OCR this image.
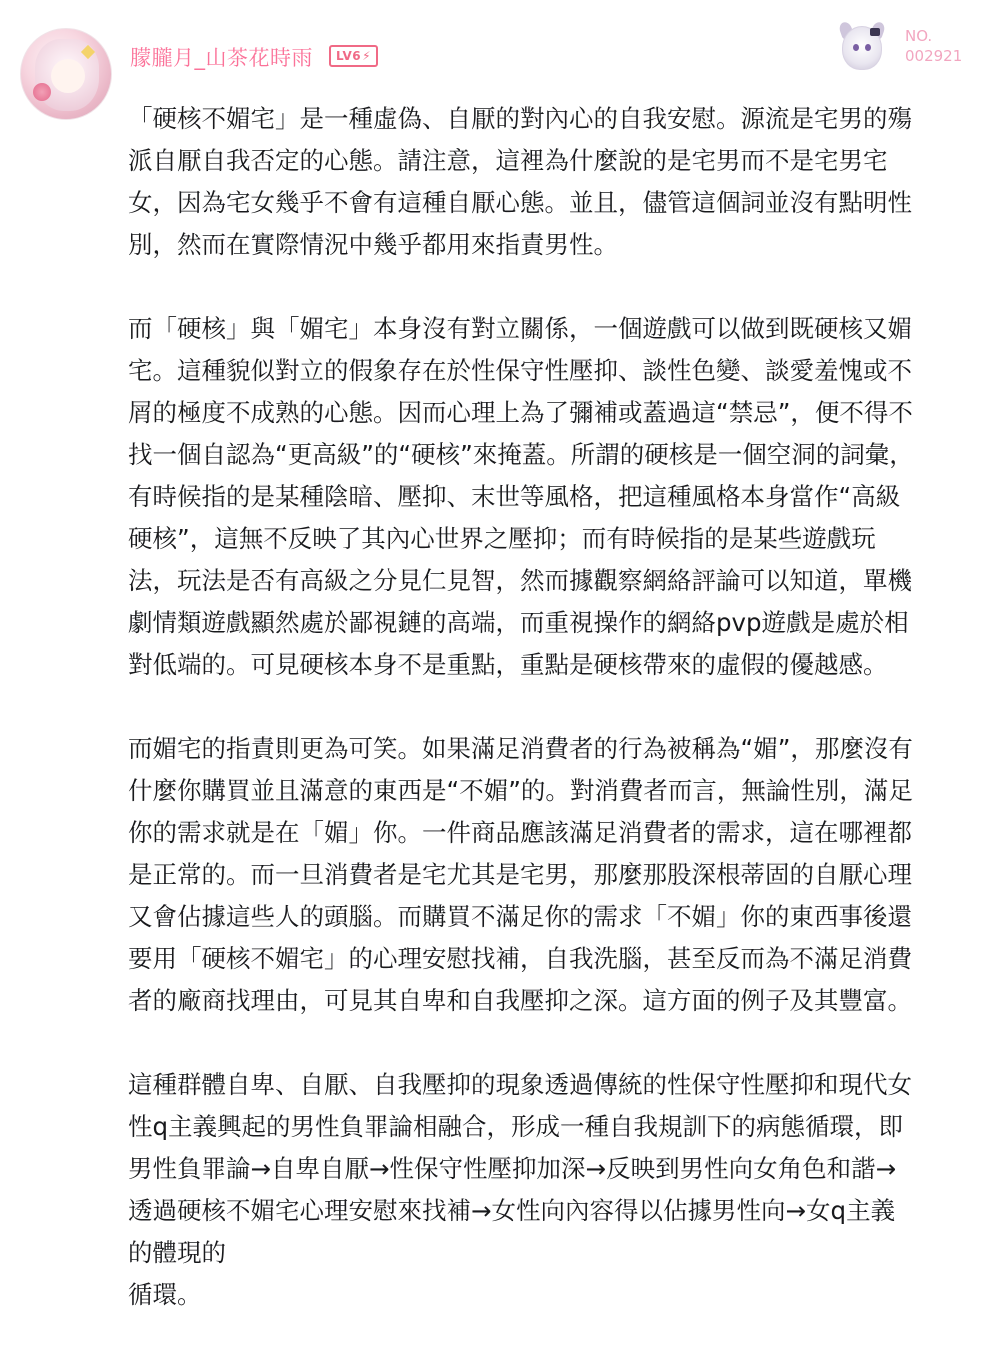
朦朧月_山茶花時雨	LV6⚡
NO.
002921

「硬核不媚宅」是一種虛偽、自厭的對內心的自我安慰。源流是宅男的殤
派自厭自我否定的心態。請注意，這裡為什麼說的是宅男而不是宅男宅
女，因為宅女幾乎不會有這種自厭心態。並且，儘管這個詞並沒有點明性
別，然而在實際情況中幾乎都用來指責男性。

而「硬核」與「媚宅」本身沒有對立關係，一個遊戲可以做到既硬核又媚
宅。這種貌似對立的假象存在於性保守性壓抑、談性色變、談愛羞愧或不
屑的極度不成熟的心態。因而心理上為了彌補或蓋過這“禁忌”，便不得不
找一個自認為“更高級”的“硬核”來掩蓋。所謂的硬核是一個空洞的詞彙，
有時候指的是某種陰暗、壓抑、末世等風格，把這種風格本身當作“高級
硬核”，這無不反映了其內心世界之壓抑；而有時候指的是某些遊戲玩
法，玩法是否有高級之分見仁見智，然而據觀察網絡評論可以知道，單機
劇情類遊戲顯然處於鄙視鏈的高端，而重視操作的網絡pvp遊戲是處於相
對低端的。可見硬核本身不是重點，重點是硬核帶來的虛假的優越感。

而媚宅的指責則更為可笑。如果滿足消費者的行為被稱為“媚”，那麼沒有
什麼你購買並且滿意的東西是“不媚”的。對消費者而言，無論性別，滿足
你的需求就是在「媚」你。一件商品應該滿足消費者的需求，這在哪裡都
是正常的。而一旦消費者是宅尤其是宅男，那麼那股深根蒂固的自厭心理
又會佔據這些人的頭腦。而購買不滿足你的需求「不媚」你的東西事後還
要用「硬核不媚宅」的心理安慰找補，自我洗腦，甚至反而為不滿足消費
者的廠商找理由，可見其自卑和自我壓抑之深。這方面的例子及其豐富。

這種群體自卑、自厭、自我壓抑的現象透過傳統的性保守性壓抑和現代女
性q主義興起的男性負罪論相融合，形成一種自我規訓下的病態循環，即
男性負罪論→自卑自厭→性保守性壓抑加深→反映到男性向女角色和諧→
透過硬核不媚宅心理安慰來找補→女性向內容得以佔據男性向→女q主義
的體現的
循環。
